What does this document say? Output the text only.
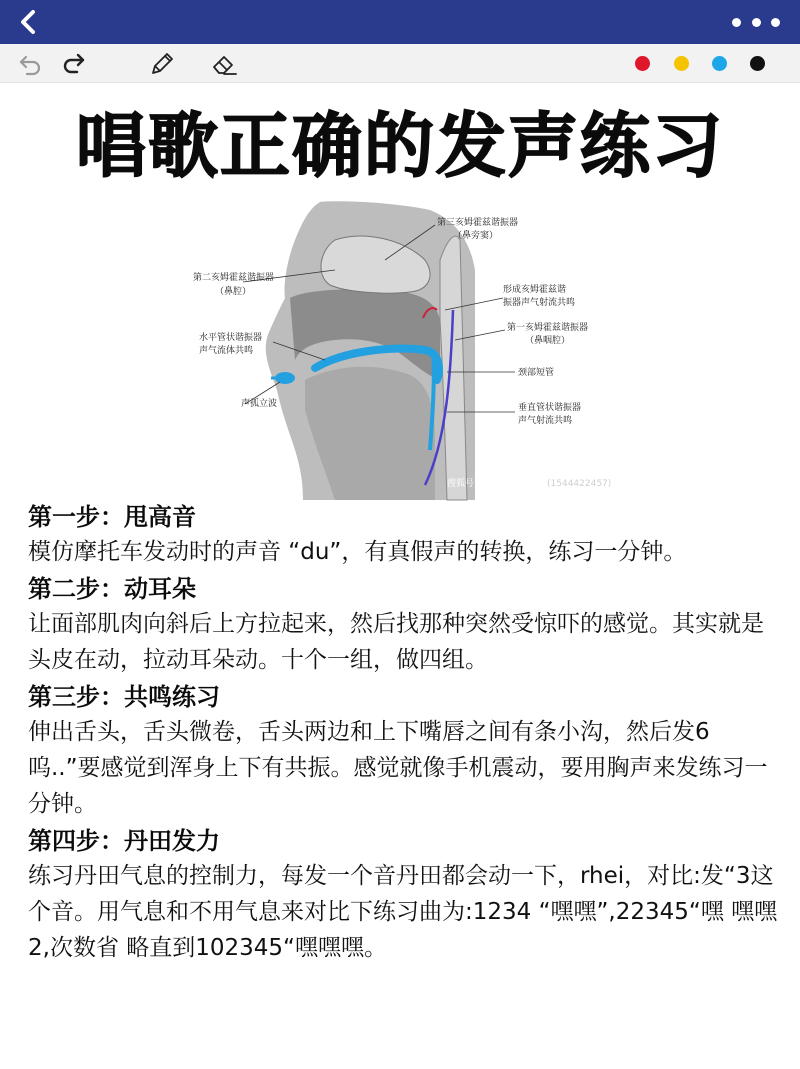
唱歌正确的发声练习
第三亥姆霍兹谐振器
（鼻旁窦）
第二亥姆霍兹谐振器
（鼻腔）	形成亥姆霍兹谐
振器声气射流共鸣
第一亥姆霍兹谐振器
（鼻咽腔）
水平管状谐振器
声气流体共鸣
颈部短管
声孤立波	垂直管状谐振器
声气射流共鸣
搜狐号	(1544422457)
第一步：甩高音

模仿摩托车发动时的声音 “du”，有真假声的转换，练习一分钟。

第二步：动耳朵

让面部肌肉向斜后上方拉起来，然后找那种突然受惊吓的感觉。其实就是头皮在动，拉动耳朵动。十个一组，做四组。

第三步：共鸣练习

伸出舌头，舌头微卷，舌头两边和上下嘴唇之间有条小沟，然后发6呜..”要感觉到浑身上下有共振。感觉就像手机震动，要用胸声来发练习一分钟。

第四步：丹田发力

练习丹田气息的控制力，每发一个音丹田都会动一下，rhei，对比:发“3这个音。用气息和不用气息来对比下练习曲为:1234 “嘿嘿”,22345“嘿 嘿嘿2,次数省 略直到102345“嘿嘿嘿。
